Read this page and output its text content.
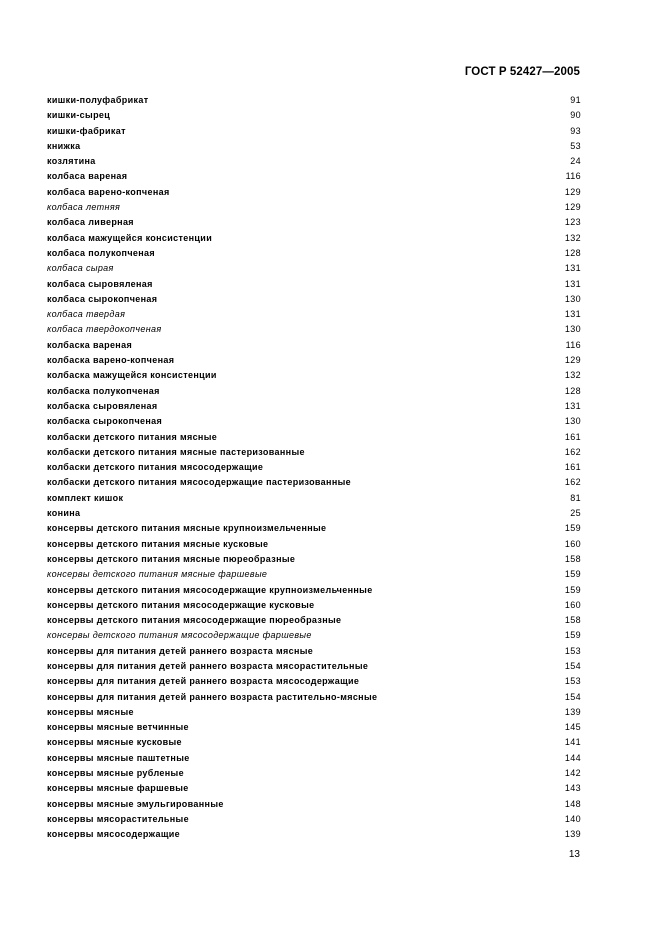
ГОСТ Р 52427—2005
кишки-полуфабрикат	91
кишки-сырец	90
кишки-фабрикат	93
книжка	53
козлятина	24
колбаса вареная	116
колбаса варено-копченая	129
колбаса летняя	129
колбаса ливерная	123
колбаса мажущейся консистенции	132
колбаса полукопченая	128
колбаса сырая	131
колбаса сыровяленая	131
колбаса сырокопченая	130
колбаса твердая	131
колбаса твердокопченая	130
колбаска вареная	116
колбаска варено-копченая	129
колбаска мажущейся консистенции	132
колбаска полукопченая	128
колбаска сыровяленая	131
колбаска сырокопченая	130
колбаски детского питания мясные	161
колбаски детского питания мясные пастеризованные	162
колбаски детского питания мясосодержащие	161
колбаски детского питания мясосодержащие пастеризованные	162
комплект кишок	81
конина	25
консервы детского питания мясные крупноизмельченные	159
консервы детского питания мясные кусковые	160
консервы детского питания мясные пюреобразные	158
консервы детского питания мясные фаршевые	159
консервы детского питания мясосодержащие крупноизмельченные	159
консервы детского питания мясосодержащие кусковые	160
консервы детского питания мясосодержащие пюреобразные	158
консервы детского питания мясосодержащие фаршевые	159
консервы для питания детей раннего возраста мясные	153
консервы для питания детей раннего возраста мясорастительные	154
консервы для питания детей раннего возраста мясосодержащие	153
консервы для питания детей раннего возраста растительно-мясные	154
консервы мясные	139
консервы мясные ветчинные	145
консервы мясные кусковые	141
консервы мясные паштетные	144
консервы мясные рубленые	142
консервы мясные фаршевые	143
консервы мясные эмульгированные	148
консервы мясорастительные	140
консервы мясосодержащие	139
13
